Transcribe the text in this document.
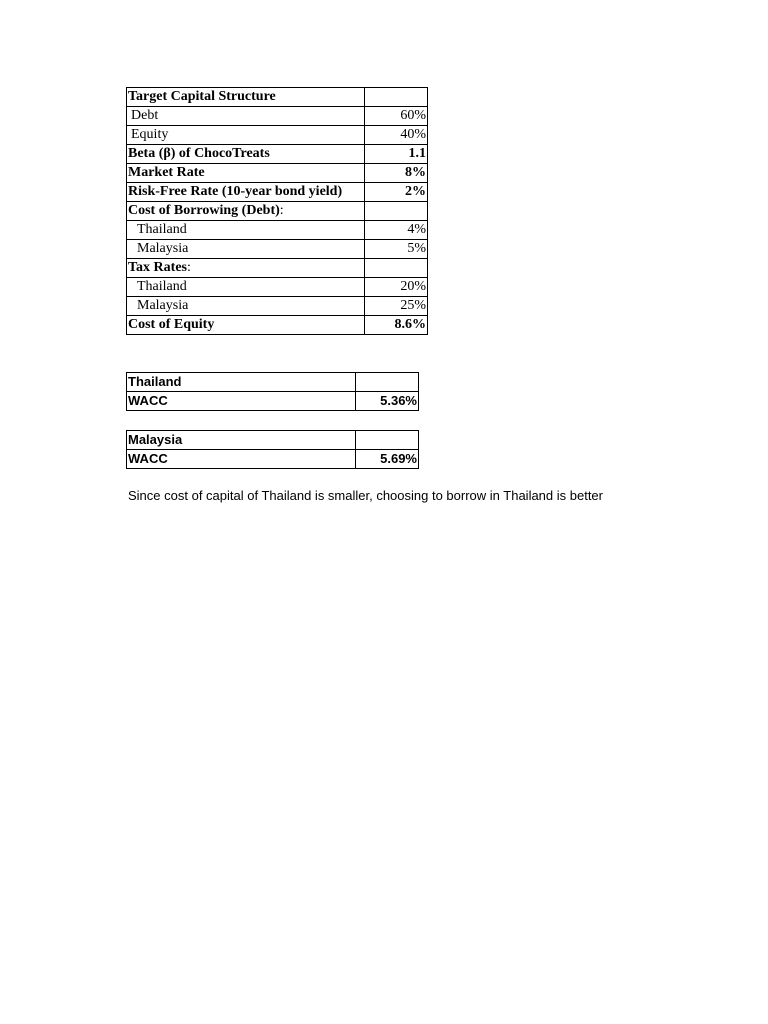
Target Capital Structure	
Debt	60%
Equity	40%
Beta (β) of ChocoTreats	1.1
Market Rate	8%
Risk-Free Rate (10-year bond yield)	2%
Cost of Borrowing (Debt):	
Thailand	4%
Malaysia	5%
Tax Rates:	
Thailand	20%
Malaysia	25%
Cost of Equity	8.6%
Thailand	
WACC	5.36%
Malaysia	
WACC	5.69%
Since cost of capital of Thailand is smaller, choosing to borrow in Thailand is better
